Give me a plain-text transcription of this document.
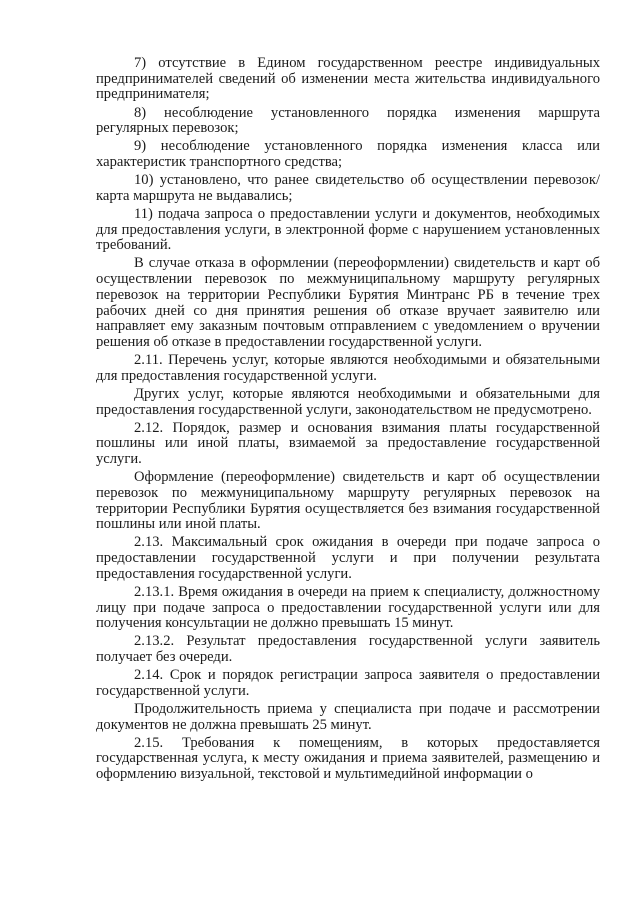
7) отсутствие в Едином государственном реестре индивидуальных предпринимателей сведений об изменении места жительства индивидуального предпринимателя;

8) несоблюдение установленного порядка изменения маршрута регулярных перевозок;

9) несоблюдение установленного порядка изменения класса или характеристик транспортного средства;

10) установлено, что ранее свидетельство об осуществлении перевозок/карта маршрута не выдавались;

11) подача запроса о предоставлении услуги и документов, необходимых для предоставления услуги, в электронной форме с нарушением установленных требований.

В случае отказа в оформлении (переоформлении) свидетельств и карт об осуществлении перевозок по межмуниципальному маршруту регулярных перевозок на территории Республики Бурятия Минтранс РБ в течение трех рабочих дней со дня принятия решения об отказе вручает заявителю или направляет ему заказным почтовым отправлением с уведомлением о вручении решения об отказе в предоставлении государственной услуги.

2.11. Перечень услуг, которые являются необходимыми и обязательными для предоставления государственной услуги.

Других услуг, которые являются необходимыми и обязательными для предоставления государственной услуги, законодательством не предусмотрено.

2.12. Порядок, размер и основания взимания платы государственной пошлины или иной платы, взимаемой за предоставление государственной услуги.

Оформление (переоформление) свидетельств и карт об осуществлении перевозок по межмуниципальному маршруту регулярных перевозок на территории Республики Бурятия осуществляется без взимания государственной пошлины или иной платы.

2.13. Максимальный срок ожидания в очереди при подаче запроса о предоставлении государственной услуги и при получении результата предоставления государственной услуги.

2.13.1. Время ожидания в очереди на прием к специалисту, должностному лицу при подаче запроса о предоставлении государственной услуги или для получения консультации не должно превышать 15 минут.

2.13.2. Результат предоставления государственной услуги заявитель получает без очереди.

2.14. Срок и порядок регистрации запроса заявителя о предоставлении государственной услуги.

Продолжительность приема у специалиста при подаче и рассмотрении документов не должна превышать 25 минут.

2.15. Требования к помещениям, в которых предоставляется государственная услуга, к месту ожидания и приема заявителей, размещению и оформлению визуальной, текстовой и мультимедийной информации о
